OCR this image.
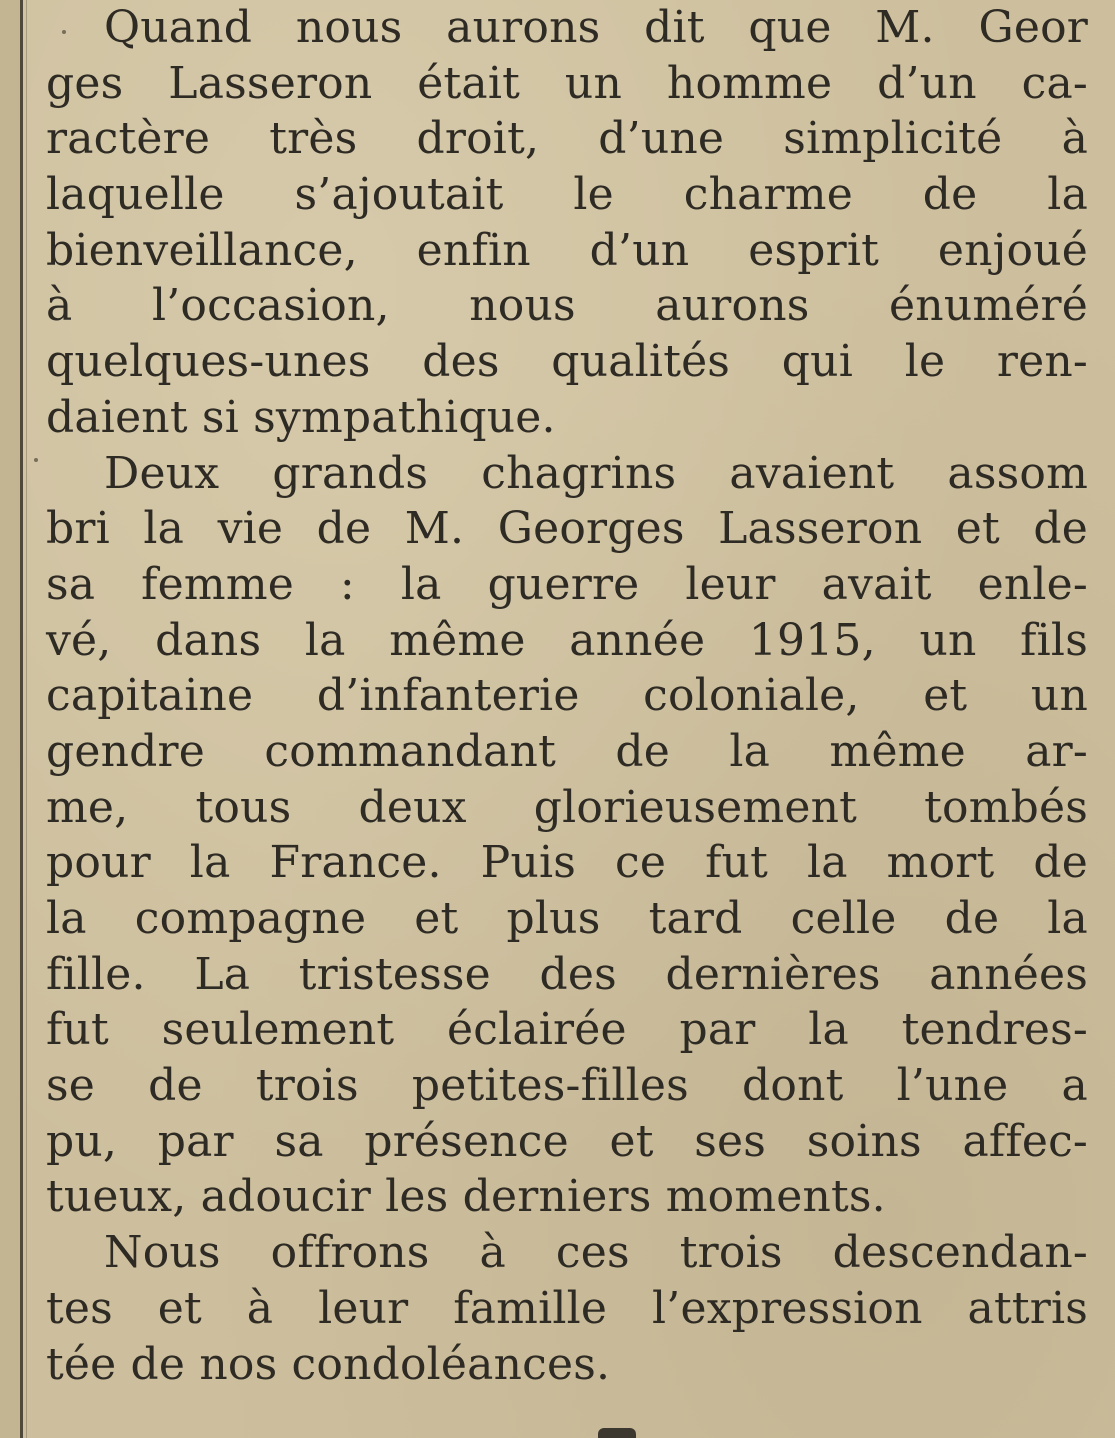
Quand nous aurons dit que M. Geor
ges Lasseron était un homme d’un ca-
ractère très droit, d’une simplicité à
laquelle s’ajoutait le charme de la
bienveillance, enfin d’un esprit enjoué
à l’occasion, nous aurons énuméré
quelques-unes des qualités qui le ren-
daient si sympathique.
Deux grands chagrins avaient assom
bri la vie de M. Georges Lasseron et de
sa femme : la guerre leur avait enle-
vé, dans la même année 1915, un fils
capitaine d’infanterie coloniale, et un
gendre commandant de la même ar-
me, tous deux glorieusement tombés
pour la France. Puis ce fut la mort de
la compagne et plus tard celle de la
fille. La tristesse des dernières années
fut seulement éclairée par la tendres-
se de trois petites-filles dont l’une a
pu, par sa présence et ses soins affec-
tueux, adoucir les derniers moments.
Nous offrons à ces trois descendan-
tes et à leur famille l’expression attris
tée de nos condoléances.
